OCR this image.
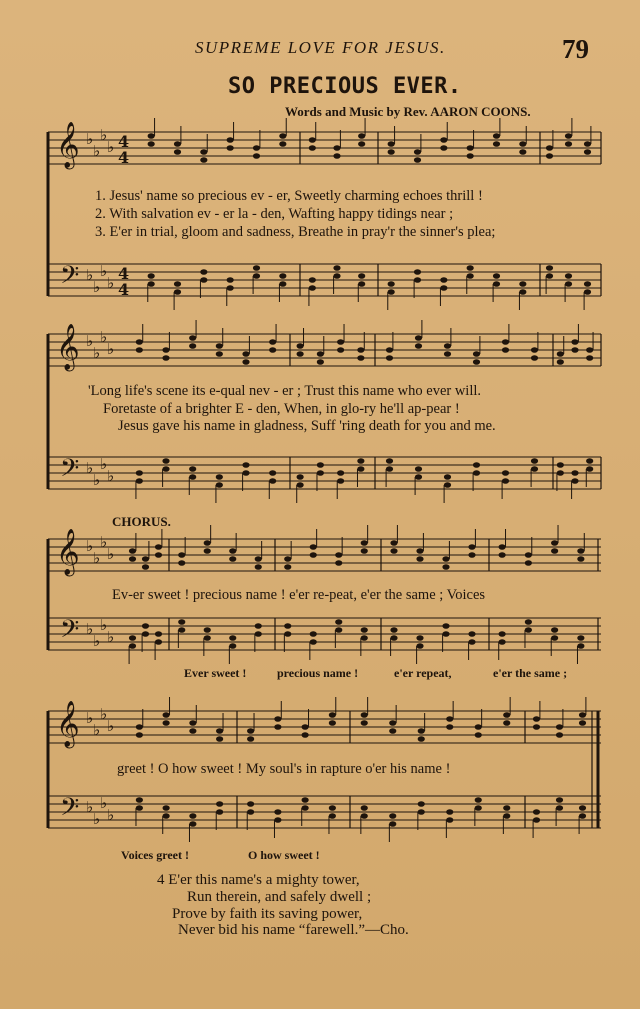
SUPREME LOVE FOR JESUS.	79
SO PRECIOUS EVER.
Words and Music by Rev. AARON COONS.
𝄞
𝄢
♭
♭
♭
♭
♭
♭
♭
♭
4
4
4
4
𝄞
𝄢
♭
♭
♭
♭
♭
♭
♭
♭
𝄞
𝄢
♭
♭
♭
♭
♭
♭
♭
♭
𝄞
𝄢
♭
♭
♭
♭
♭
♭
♭
♭
1. Jesus' name so precious ev - er, Sweetly charming echoes thrill !
2. With salvation ev - er la - den, Wafting happy tidings near ;
3. E'er in trial, gloom and sadness, Breathe in pray'r the sinner's plea;
'Long life's scene its e-qual nev - er ; Trust this name who ever will.
Foretaste of a brighter E - den, When, in glo-ry he'll ap-pear !
Jesus gave his name in gladness, Suff 'ring death for you and me.
CHORUS.
Ev-er sweet ! precious name ! e'er re-peat, e'er the same ; Voices
Ever sweet !	precious name !	e'er repeat,	e'er the same ;
greet ! O how sweet ! My soul's in rapture o'er his name !
Voices greet !	O how sweet !
4 E'er this name's a mighty tower,
Run therein, and safely dwell ;
Prove by faith its saving power,
Never bid his name “farewell.”—Cho.
